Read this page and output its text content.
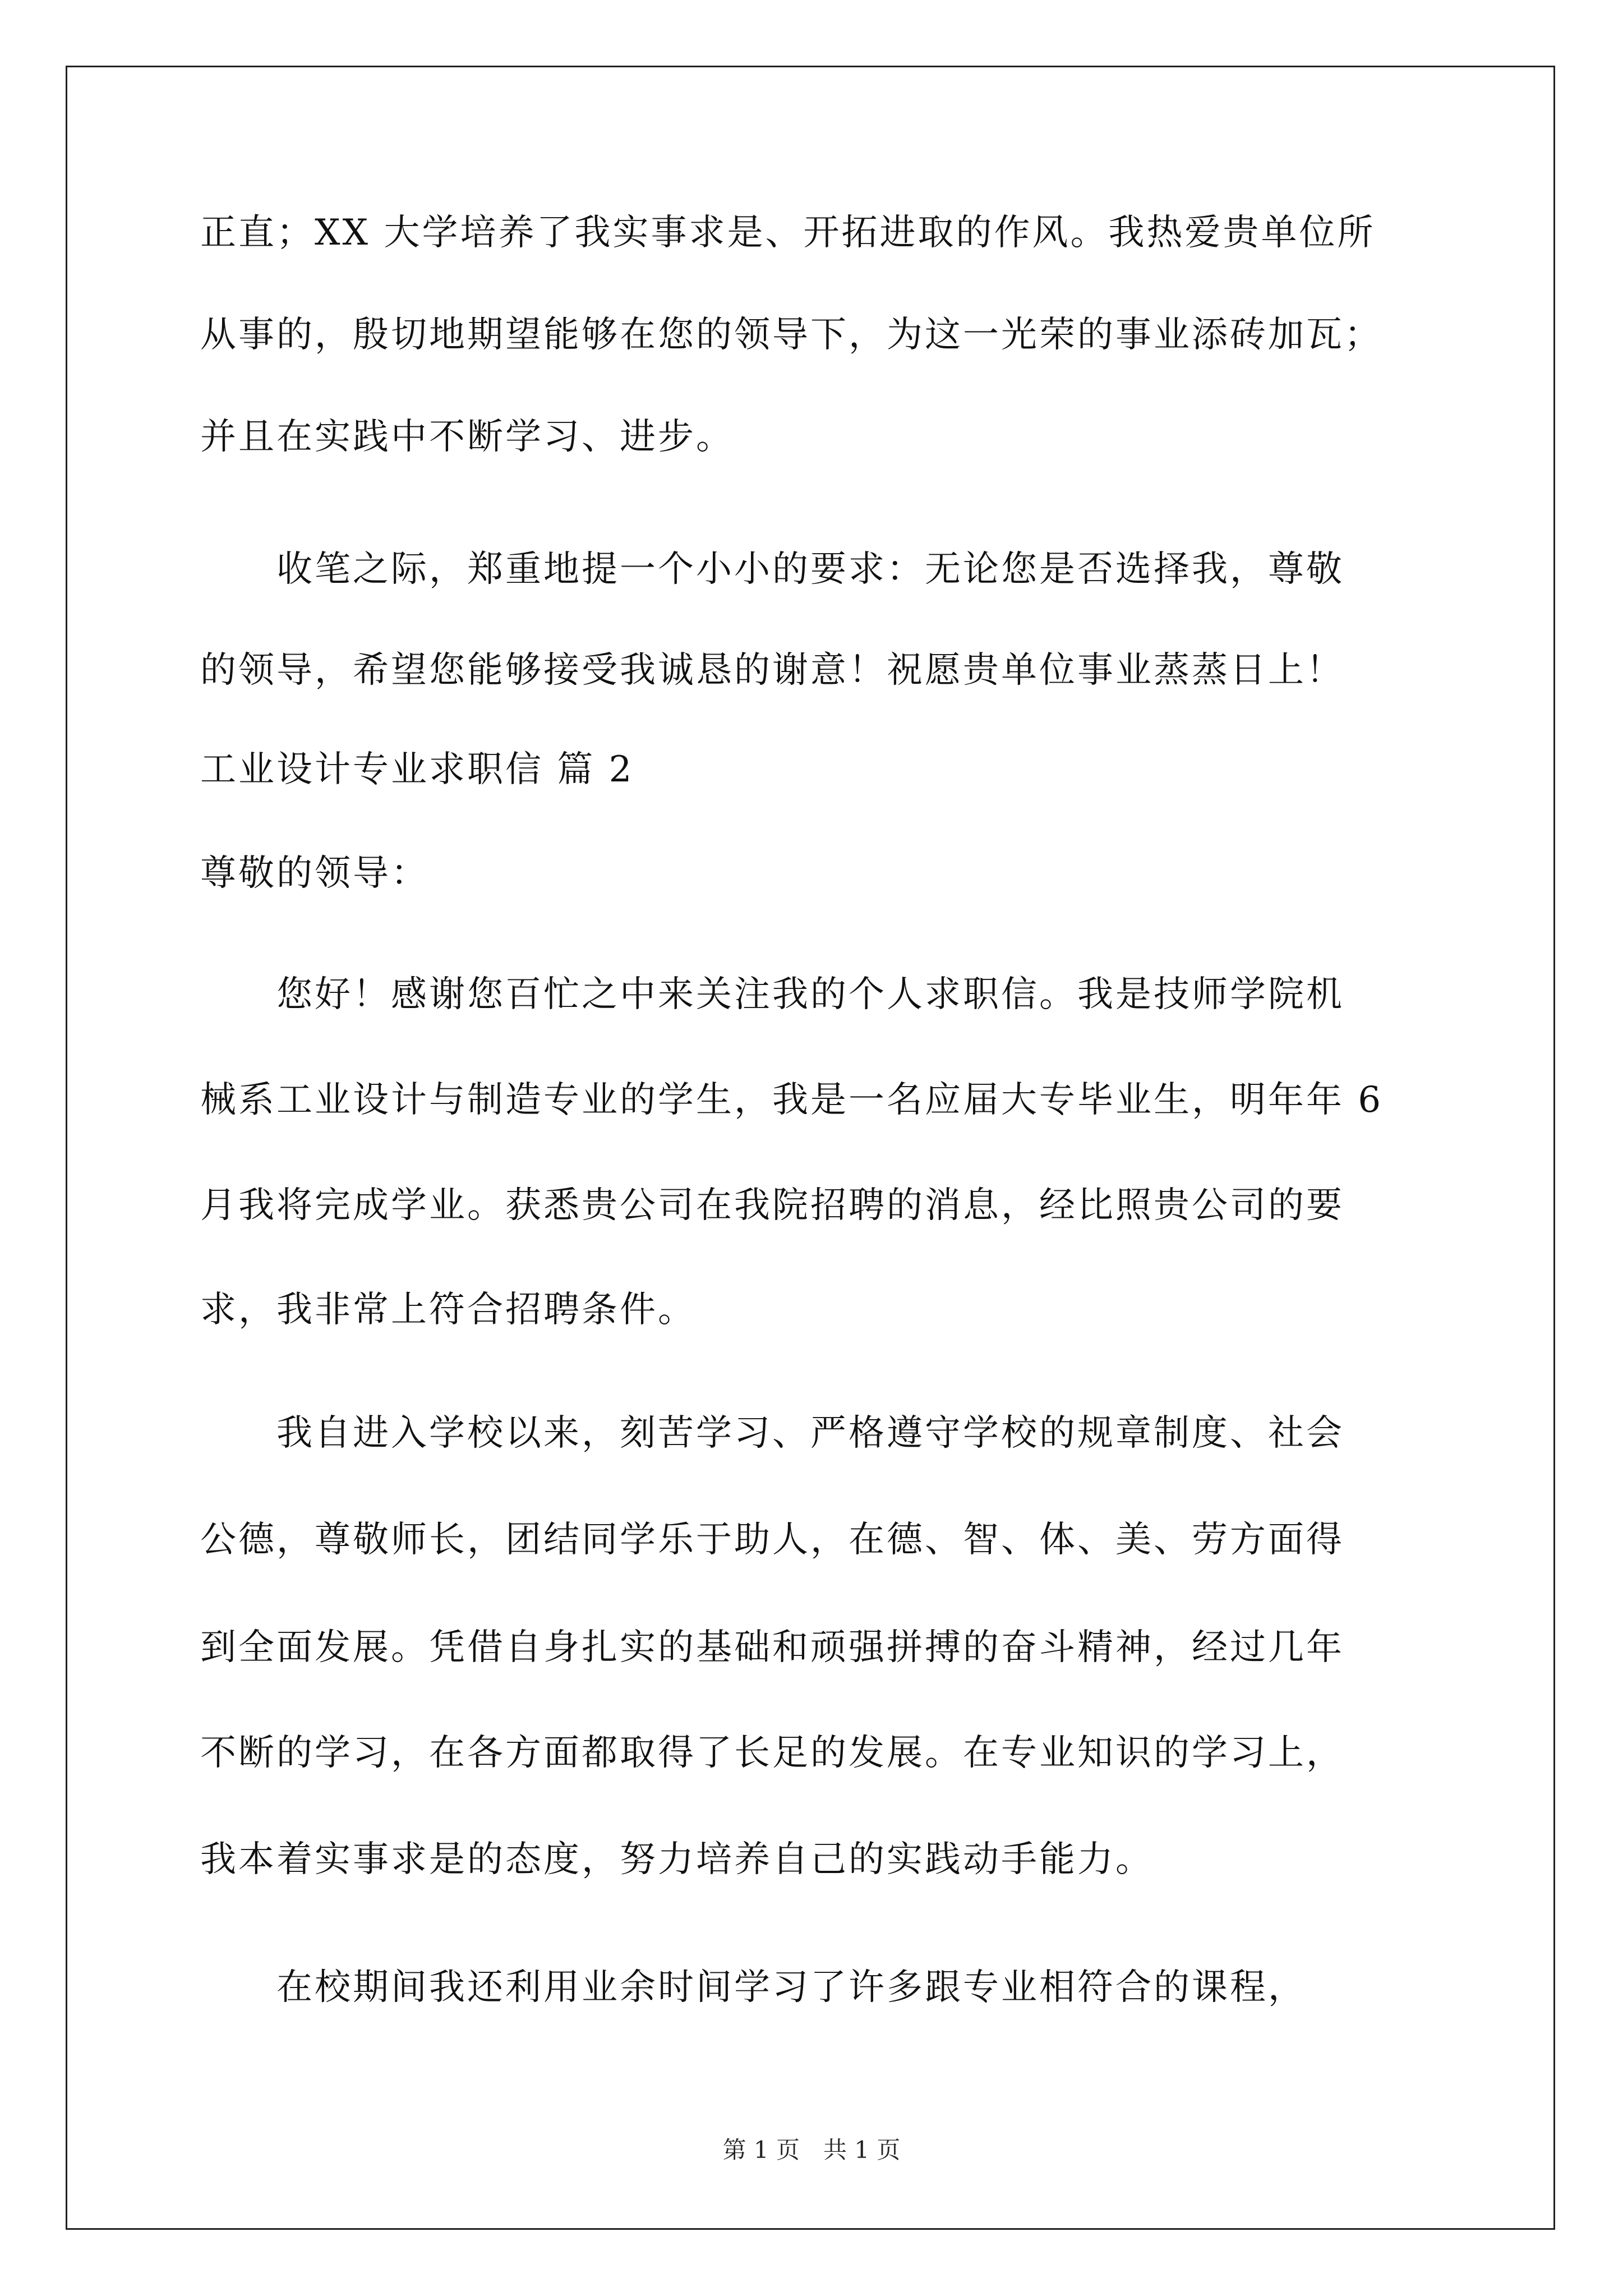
正直；XX 大学培养了我实事求是、开拓进取的作风。我热爱贵单位所
从事的，殷切地期望能够在您的领导下，为这一光荣的事业添砖加瓦；
并且在实践中不断学习、进步。
　　收笔之际，郑重地提一个小小的要求：无论您是否选择我，尊敬
的领导，希望您能够接受我诚恳的谢意！祝愿贵单位事业蒸蒸日上！
工业设计专业求职信 篇 2
尊敬的领导：
　　您好！感谢您百忙之中来关注我的个人求职信。我是技师学院机
械系工业设计与制造专业的学生，我是一名应届大专毕业生，明年年 6
月我将完成学业。获悉贵公司在我院招聘的消息，经比照贵公司的要
求，我非常上符合招聘条件。
　　我自进入学校以来，刻苦学习、严格遵守学校的规章制度、社会
公德，尊敬师长，团结同学乐于助人，在德、智、体、美、劳方面得
到全面发展。凭借自身扎实的基础和顽强拼搏的奋斗精神，经过几年
不断的学习，在各方面都取得了长足的发展。在专业知识的学习上，
我本着实事求是的态度，努力培养自己的实践动手能力。
　　在校期间我还利用业余时间学习了许多跟专业相符合的课程，
第 1 页　共 1 页
